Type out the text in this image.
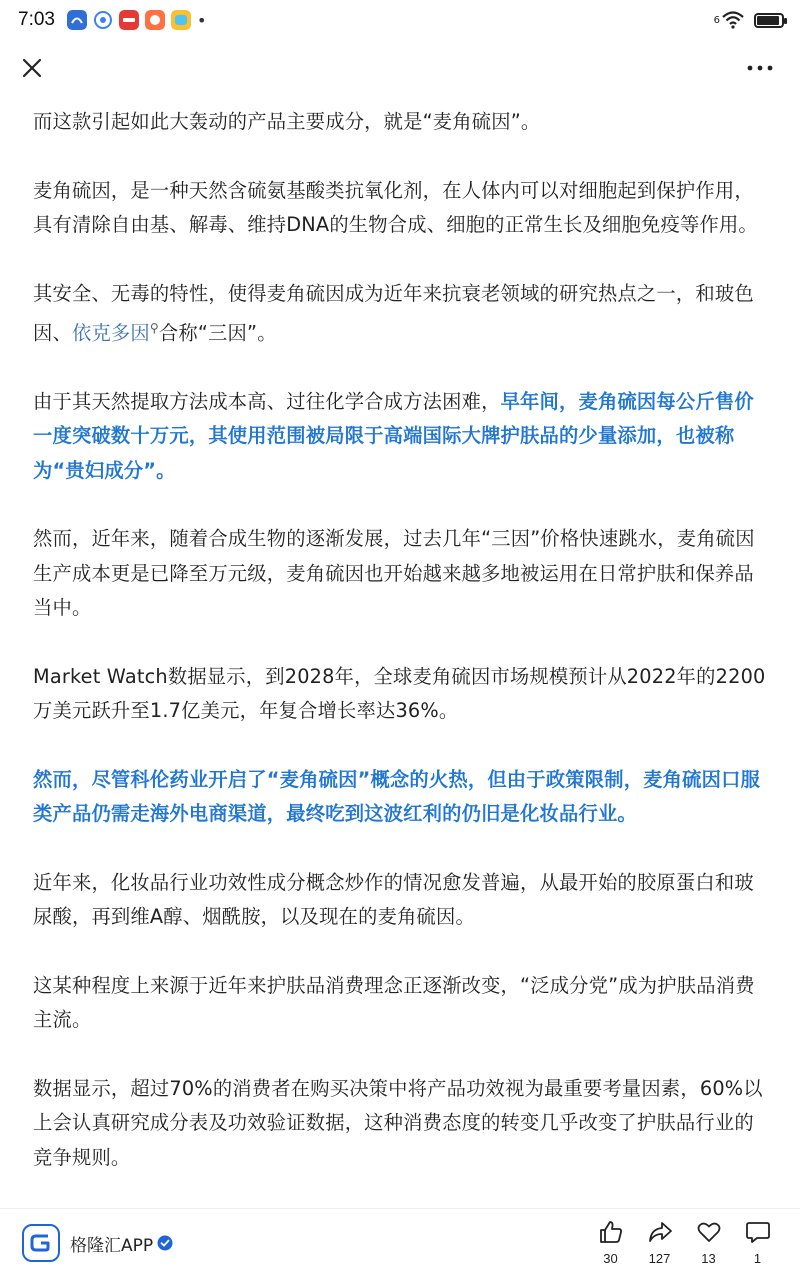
7:03	•	6

而这款引起如此大轰动的产品主要成分，就是“麦角硫因”。

麦角硫因，是一种天然含硫氨基酸类抗氧化剂，在人体内可以对细胞起到保护作用，具有清除自由基、解毒、维持DNA的生物合成、细胞的正常生长及细胞免疫等作用。

其安全、无毒的特性，使得麦角硫因成为近年来抗衰老领域的研究热点之一，和玻色因、依克多因⚲合称“三因”。

由于其天然提取方法成本高、过往化学合成方法困难，早年间，麦角硫因每公斤售价一度突破数十万元，其使用范围被局限于高端国际大牌护肤品的少量添加，也被称为“贵妇成分”。

然而，近年来，随着合成生物的逐渐发展，过去几年“三因”价格快速跳水，麦角硫因生产成本更是已降至万元级，麦角硫因也开始越来越多地被运用在日常护肤和保养品当中。

Market Watch数据显示，到2028年，全球麦角硫因市场规模预计从2022年的2200万美元跃升至1.7亿美元，年复合增长率达36%。

然而，尽管科伦药业开启了“麦角硫因”概念的火热，但由于政策限制，麦角硫因口服类产品仍需走海外电商渠道，最终吃到这波红利的仍旧是化妆品行业。

近年来，化妆品行业功效性成分概念炒作的情况愈发普遍，从最开始的胶原蛋白和玻尿酸，再到维A醇、烟酰胺，以及现在的麦角硫因。

这某种程度上来源于近年来护肤品消费理念正逐渐改变，“泛成分党”成为护肤品消费主流。

数据显示，超过70%的消费者在购买决策中将产品功效视为最重要考量因素，60%以上会认真研究成分表及功效验证数据，这种消费态度的转变几乎改变了护肤品行业的竞争规则。

格隆汇APP
30 127 13	1
